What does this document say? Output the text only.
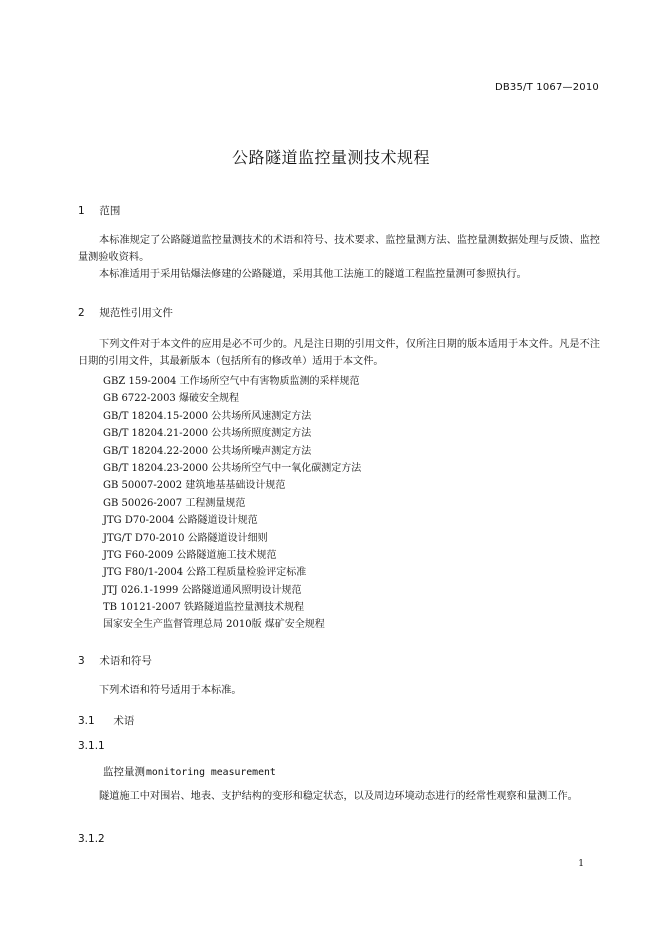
DB35/T 1067—2010
公路隧道监控量测技术规程
1 范围
本标准规定了公路隧道监控量测技术的术语和符号、技术要求、监控量测方法、监控量测数据处理与反馈、监控量测验收资料。
本标准适用于采用钻爆法修建的公路隧道，采用其他工法施工的隧道工程监控量测可参照执行。
2 规范性引用文件
下列文件对于本文件的应用是必不可少的。凡是注日期的引用文件，仅所注日期的版本适用于本文件。凡是不注日期的引用文件，其最新版本（包括所有的修改单）适用于本文件。
GBZ 159-2004 工作场所空气中有害物质监测的采样规范
GB 6722-2003 爆破安全规程
GB/T 18204.15-2000 公共场所风速测定方法
GB/T 18204.21-2000 公共场所照度测定方法
GB/T 18204.22-2000 公共场所噪声测定方法
GB/T 18204.23-2000 公共场所空气中一氧化碳测定方法
GB 50007-2002 建筑地基基础设计规范
GB 50026-2007 工程测量规范
JTG D70-2004 公路隧道设计规范
JTG/T D70-2010 公路隧道设计细则
JTG F60-2009 公路隧道施工技术规范
JTG F80/1-2004 公路工程质量检验评定标准
JTJ 026.1-1999 公路隧道通风照明设计规范
TB 10121-2007 铁路隧道监控量测技术规程
国家安全生产监督管理总局 2010版 煤矿安全规程
3 术语和符号
下列术语和符号适用于本标准。
3.1 术语
3.1.1
监控量测monitoring measurement
隧道施工中对围岩、地表、支护结构的变形和稳定状态，以及周边环境动态进行的经常性观察和量测工作。
3.1.2
1
